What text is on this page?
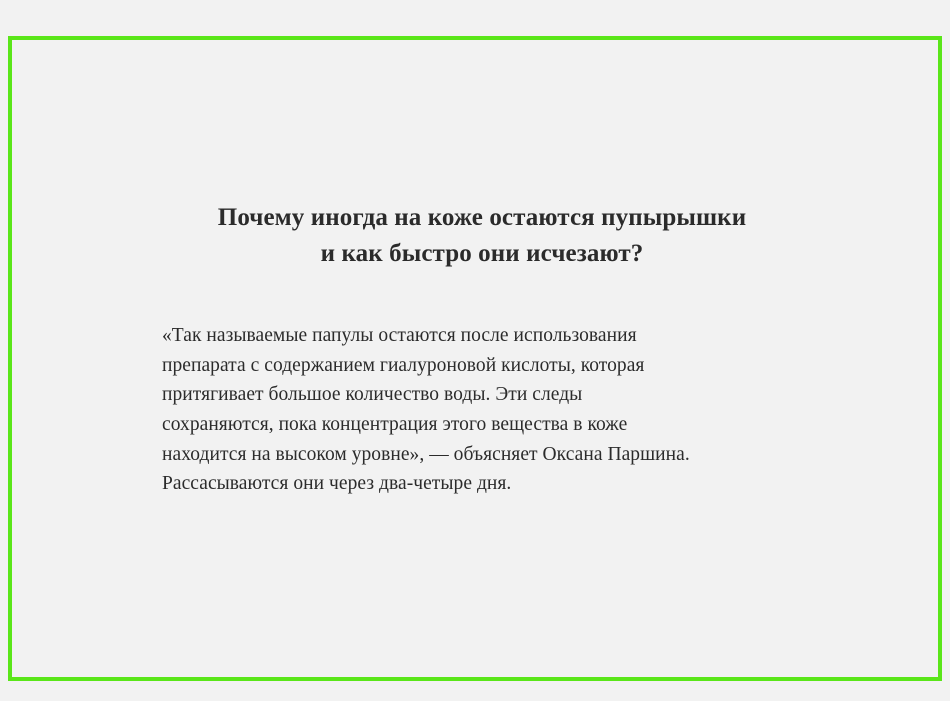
Почему иногда на коже остаются пупырышки
и как быстро они исчезают?

«Так называемые папулы остаются после использования
препарата с содержанием гиалуроновой кислоты, которая
притягивает большое количество воды. Эти следы
сохраняются, пока концентрация этого вещества в коже
находится на высоком уровне», — объясняет Оксана Паршина.
Рассасываются они через два-четыре дня.
